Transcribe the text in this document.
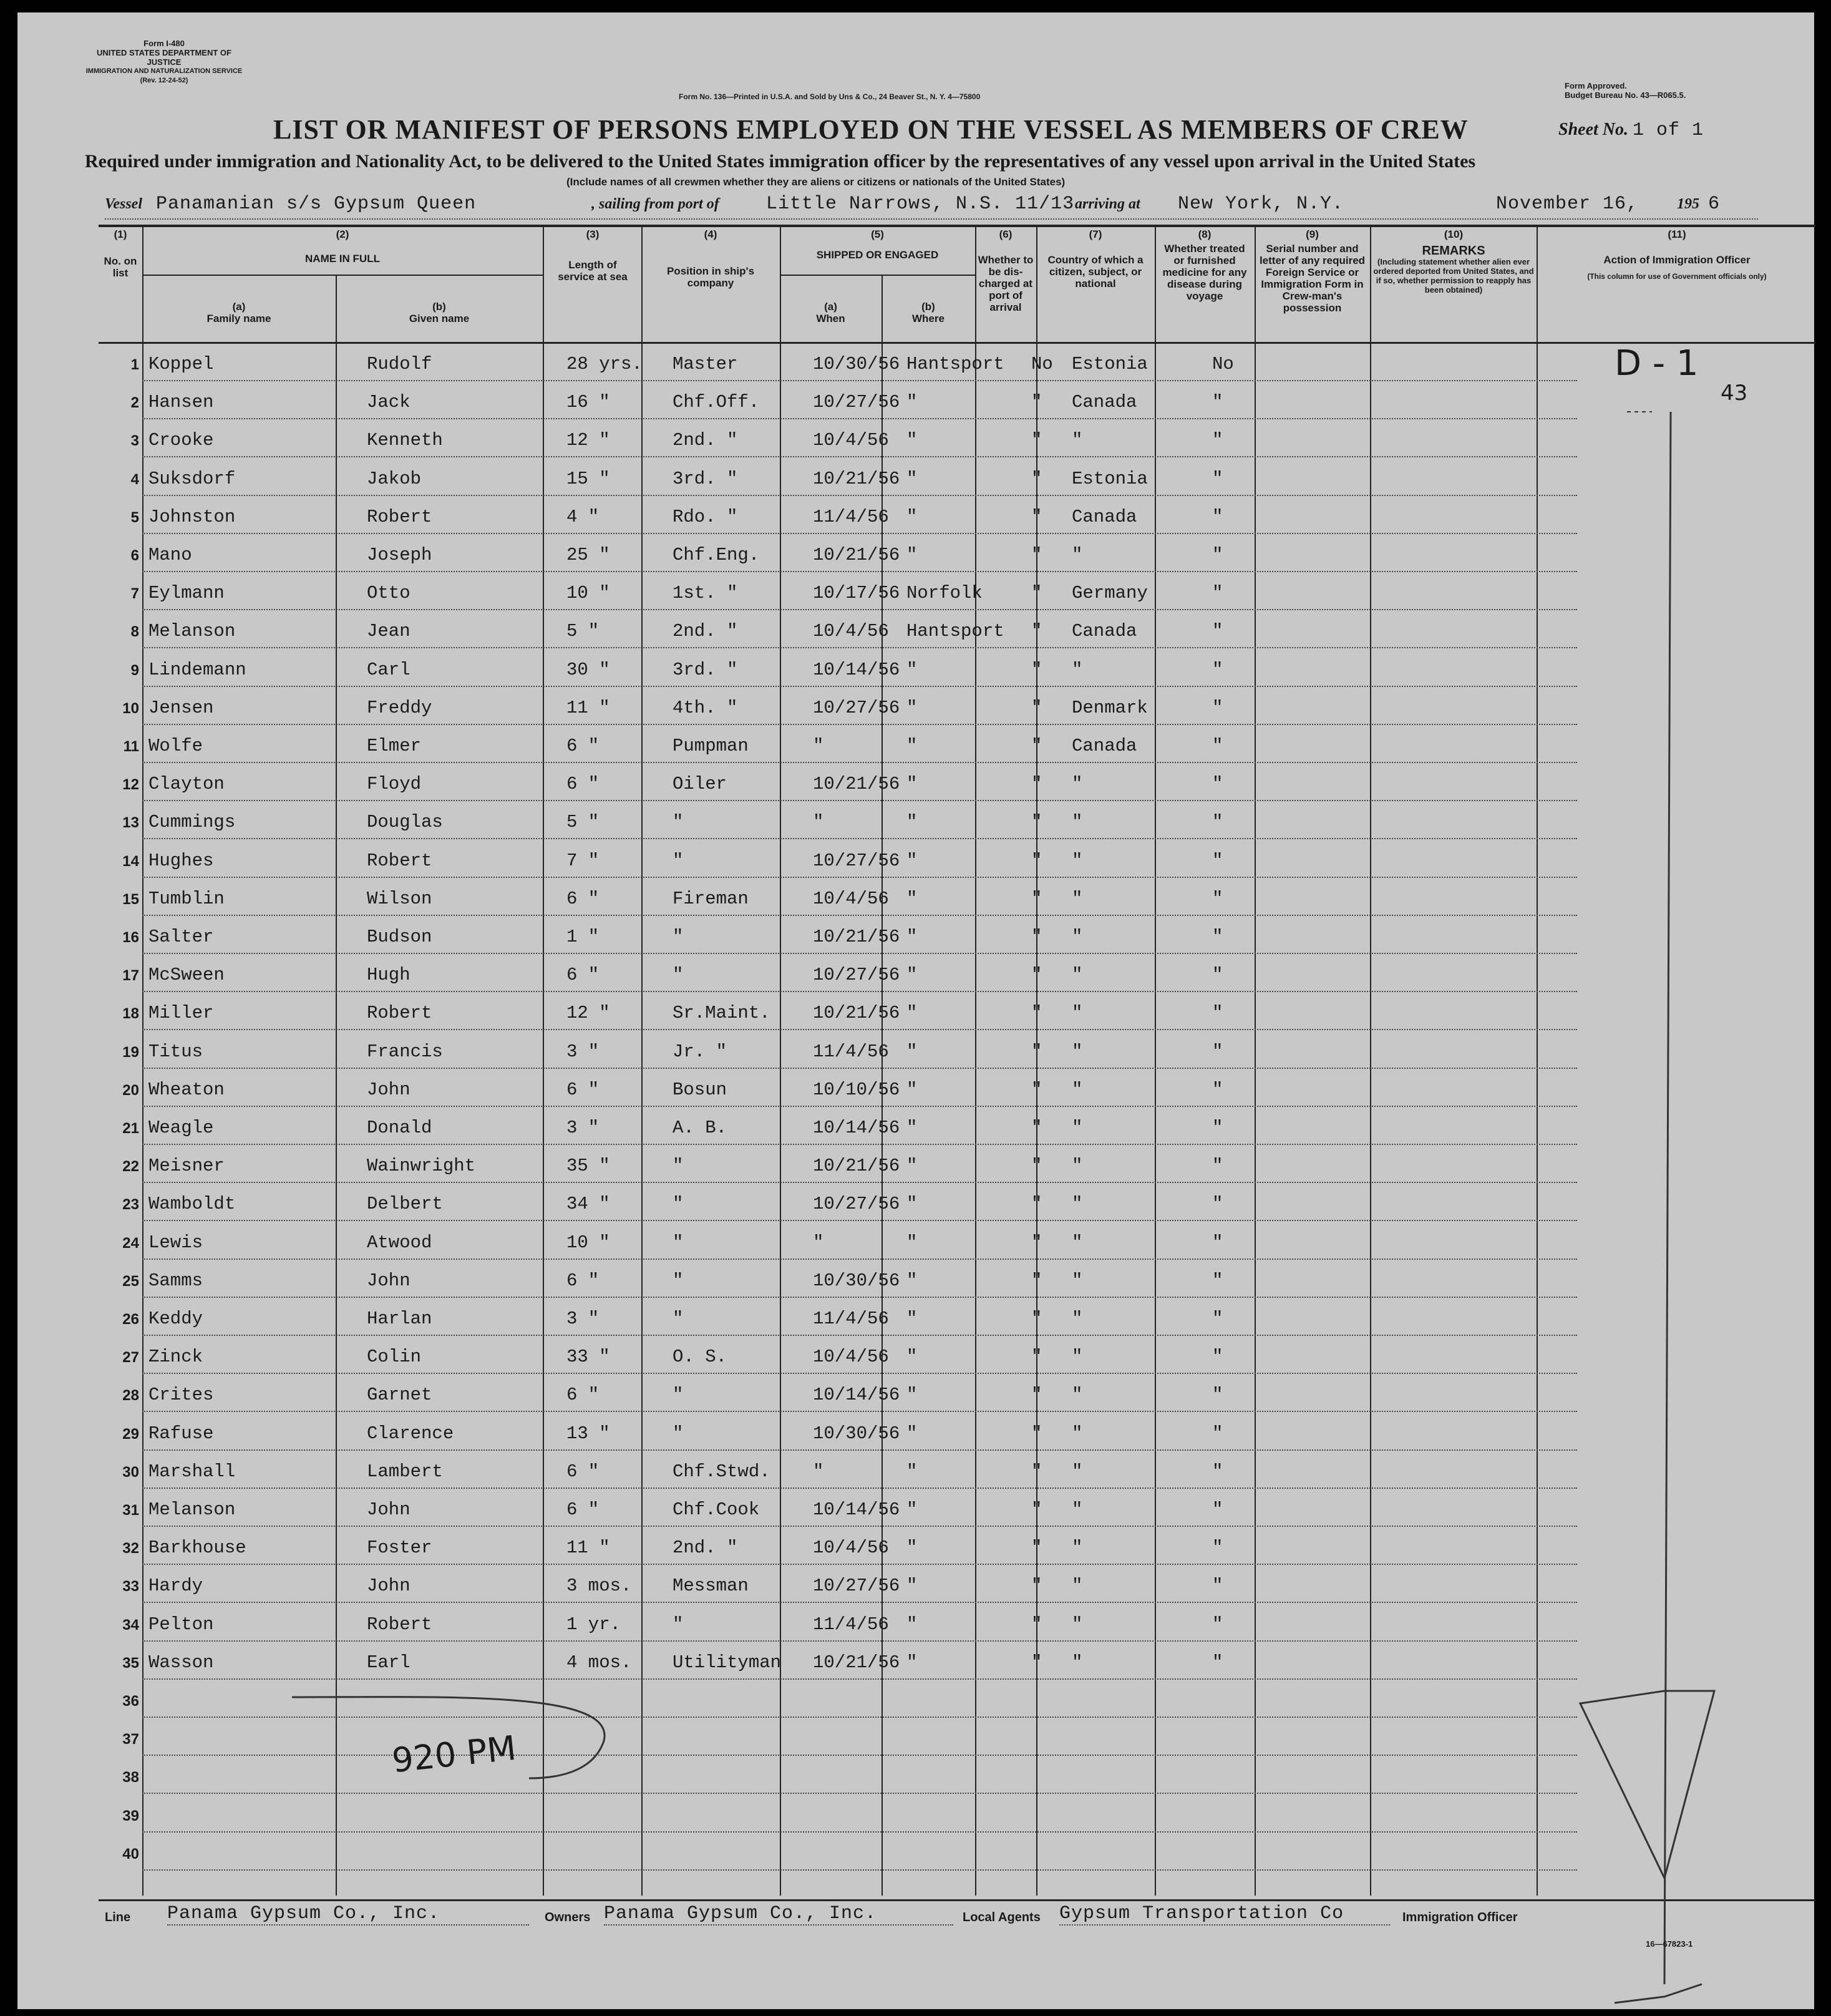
Form I-480
UNITED STATES DEPARTMENT OF JUSTICE
IMMIGRATION AND NATURALIZATION SERVICE
(Rev. 12-24-52)
Form No. 136—Printed in U.S.A. and Sold by Uns & Co., 24 Beaver St., N. Y. 4—75800
Form Approved.
Budget Bureau No. 43—R065.5.
LIST OR MANIFEST OF PERSONS EMPLOYED ON THE VESSEL AS MEMBERS OF CREW	Sheet No. 1 of 1
Required under immigration and Nationality Act, to be delivered to the United States immigration officer by the representatives of any vessel upon arrival in the United States
(Include names of all crewmen whether they are aliens or citizens or nationals of the United States)
Vessel Panamanian s/s Gypsum Queen	, sailing from port of	Little Narrows, N.S. 11/13 arriving at New York, N.Y.	November 16,	195 6
(1)
No. on list
(2)
NAME IN FULL
(a)
Family name
(b)
Given name
(3)
Length of service at sea
(4)
Position in ship's company
(5)
SHIPPED OR ENGAGED
(a)
When
(b)
Where
(6)
Whether to be dis-charged at port of arrival
(7)
Country of which a citizen, subject, or national
(8)
Whether treated or furnished medicine for any disease during voyage
(9)
Serial number and letter of any required Foreign Service or Immigration Form in Crew-man's possession
(10)
REMARKS
(Including statement whether alien ever ordered deported from United States, and if so, whether permission to reapply has been obtained)
(11)
Action of Immigration Officer
(This column for use of Government officials only)
1 Koppel	Rudolf	28 yrs. Master	10/30/56 Hantsport No Estonia	No
2 Hansen	Jack	16 "	Chf.Off.	10/27/56 "	" Canada	"
3 Crooke	Kenneth	12 "	2nd. "	10/4/56 "	" "	"
4 Suksdorf	Jakob	15 "	3rd. "	10/21/56 "	" Estonia	"
5 Johnston	Robert	4 "	Rdo. "	11/4/56 "	" Canada	"
6 Mano	Joseph	25 "	Chf.Eng.	10/21/56 "	" "	"
7 Eylmann	Otto	10 "	1st. "	10/17/56 Norfolk	" Germany	"
8 Melanson	Jean	5 "	2nd. "	10/4/56 Hantsport " Canada	"
9 Lindemann	Carl	30 "	3rd. "	10/14/56 "	" "	"
10 Jensen	Freddy	11 "	4th. "	10/27/56 "	" Denmark	"
11 Wolfe	Elmer	6 "	Pumpman	"	"	" Canada	"
12 Clayton	Floyd	6 "	Oiler	10/21/56 "	" "	"
13 Cummings	Douglas	5 "	"	"	"	" "	"
14 Hughes	Robert	7 "	"	10/27/56 "	" "	"
15 Tumblin	Wilson	6 "	Fireman	10/4/56 "	" "	"
16 Salter	Budson	1 "	"	10/21/56 "	" "	"
17 McSween	Hugh	6 "	"	10/27/56 "	" "	"
18 Miller	Robert	12 "	Sr.Maint. 10/21/56 "	" "	"
19 Titus	Francis	3 "	Jr. "	11/4/56 "	" "	"
20 Wheaton	John	6 "	Bosun	10/10/56 "	" "	"
21 Weagle	Donald	3 "	A. B.	10/14/56 "	" "	"
22 Meisner	Wainwright	35 "	"	10/21/56 "	" "	"
23 Wamboldt	Delbert	34 "	"	10/27/56 "	" "	"
24 Lewis	Atwood	10 "	"	"	"	" "	"
25 Samms	John	6 "	"	10/30/56 "	" "	"
26 Keddy	Harlan	3 "	"	11/4/56 "	" "	"
27 Zinck	Colin	33 "	O. S.	10/4/56 "	" "	"
28 Crites	Garnet	6 "	"	10/14/56 "	" "	"
29 Rafuse	Clarence	13 "	"	10/30/56 "	" "	"
30 Marshall	Lambert	6 "	Chf.Stwd. "	"	" "	"
31 Melanson	John	6 "	Chf.Cook	10/14/56 "	" "	"
32 Barkhouse	Foster	11 "	2nd. "	10/4/56 "	" "	"
33 Hardy	John	3 mos. Messman	10/27/56 "	" "	"
34 Pelton	Robert	1 yr.	"	11/4/56 "	" "	"
35 Wasson	Earl	4 mos. Utilityman 10/21/56 "	" "	"
36
37
38
39
40
D - 1
43
920 PM
Line Panama Gypsum Co., Inc.	Owners Panama Gypsum Co., Inc.	Local Agents Gypsum Transportation Co	Immigration Officer
16—67823-1
